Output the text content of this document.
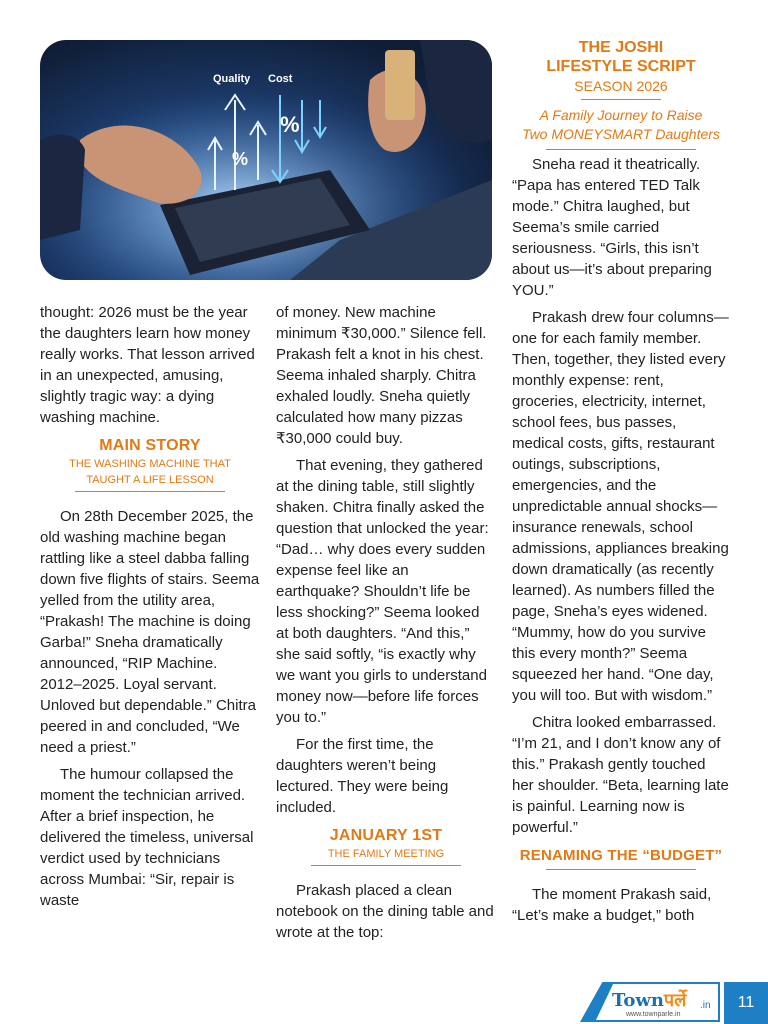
Quality Cost
%
%
THE JOSHI
LIFESTYLE SCRIPT
SEASON 2026
A Family Journey to Raise
Two MONEYSMART Daughters

thought: 2026 must be the year the daughters learn how money really works. That lesson arrived in an unexpected, amusing, slightly tragic way: a dying washing machine.

MAIN STORY
THE WASHING MACHINE THAT
TAUGHT A LIFE LESSON

On 28th December 2025, the old washing machine began rattling like a steel dabba falling down five flights of stairs. Seema yelled from the utility area, “Prakash! The machine is doing Garba!” Sneha dramatically announced, “RIP Machine. 2012–2025. Loyal servant. Unloved but dependable.” Chitra peered in and concluded, “We need a priest.”

The humour collapsed the moment the technician arrived. After a brief inspection, he delivered the timeless, universal verdict used by technicians across Mumbai: “Sir, repair is waste

of money. New machine minimum ₹30,000.” Silence fell. Prakash felt a knot in his chest. Seema inhaled sharply. Chitra exhaled loudly. Sneha quietly calculated how many pizzas ₹30,000 could buy.

That evening, they gathered at the dining table, still slightly shaken. Chitra finally asked the question that unlocked the year: “Dad… why does every sudden expense feel like an earthquake? Shouldn’t life be less shocking?” Seema looked at both daughters. “And this,” she said softly, “is exactly why we want you girls to understand money now—before life forces you to.”

For the first time, the daughters weren’t being lectured. They were being included.

JANUARY 1ST
THE FAMILY MEETING

Prakash placed a clean notebook on the dining table and wrote at the top:

Sneha read it theatrically. “Papa has entered TED Talk mode.” Chitra laughed, but Seema’s smile carried seriousness. “Girls, this isn’t about us—it’s about preparing YOU.”

Prakash drew four columns—one for each family member. Then, together, they listed every monthly expense: rent, groceries, electricity, internet, school fees, bus passes, medical costs, gifts, restaurant outings, subscriptions, emergencies, and the unpredictable annual shocks—insurance renewals, school admissions, appliances breaking down dramatically (as recently learned). As numbers filled the page, Sneha’s eyes widened. “Mummy, how do you survive this every month?” Seema squeezed her hand. “One day, you will too. But with wisdom.”

Chitra looked embarrassed. “I’m 21, and I don’t know any of this.” Prakash gently touched her shoulder. “Beta, learning late is painful. Learning now is powerful.”

RENAMING THE “BUDGET”

The moment Prakash said, “Let’s make a budget,” both

Townपर्ले .in
www.townparle.in
11
